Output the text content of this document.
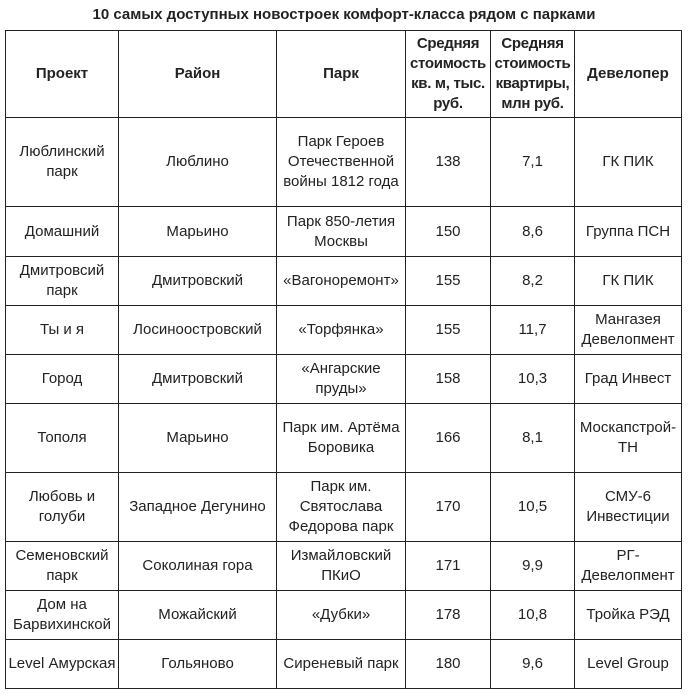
10 самых доступных новостроек комфорт-класса рядом с парками
Проект	Район	Парк	Средняя стоимость кв. м, тыс. руб.	Средняя стоимость квартиры, млн руб.	Девелопер
Люблинский парк	Люблино	Парк Героев Отечественной войны 1812 года	138	7,1	ГК ПИК
Домашний	Марьино	Парк 850-летия Москвы	150	8,6	Группа ПСН
Дмитровсий парк	Дмитровский	«Вагоноремонт»	155	8,2	ГК ПИК
Ты и я	Лосиноостровский	«Торфянка»	155	11,7	Мангазея Девелопмент
Город	Дмитровский	«Ангарские пруды»	158	10,3	Град Инвест
Тополя	Марьино	Парк им. Артёма Боровика	166	8,1	Москапстрой-ТН
Любовь и голуби	Западное Дегунино	Парк им. Святослава Федорова парк	170	10,5	СМУ-6 Инвестиции
Семеновский парк	Соколиная гора	Измайловский ПКиО	171	9,9	РГ-Девелопмент
Дом на Барвихинской	Можайский	«Дубки»	178	10,8	Тройка РЭД
Level Амурская	Гольяново	Сиреневый парк	180	9,6	Level Group
